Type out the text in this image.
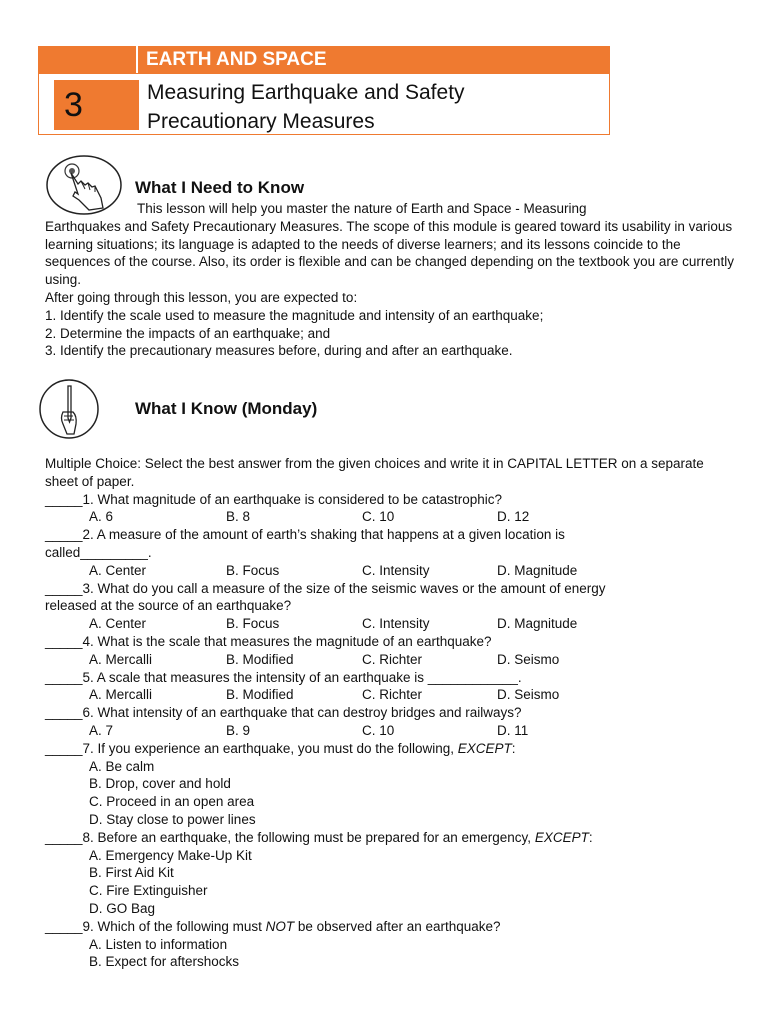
EARTH AND SPACE
3	Measuring Earthquake and Safety
Precautionary Measures
What I Need to Know

This lesson will help you master the nature of Earth and Space - Measuring

Earthquakes and Safety Precautionary Measures. The scope of this module is geared toward its usability in various learning situations; its language is adapted to the needs of diverse learners; and its lessons coincide to the sequences of the course. Also, its order is flexible and can be changed depending on the textbook you are currently using.

After going through this lesson, you are expected to:

1. Identify the scale used to measure the magnitude and intensity of an earthquake;

2. Determine the impacts of an earthquake; and

3. Identify the precautionary measures before, during and after an earthquake.

What I Know (Monday)
Multiple Choice: Select the best answer from the given choices and write it in CAPITAL LETTER on a separate sheet of paper.
_____1. What magnitude of an earthquake is considered to be catastrophic?
A. 6	B. 8	C. 10	D. 12
_____2. A measure of the amount of earth’s shaking that happens at a given location is
called_________.
A. Center	B. Focus	C. Intensity	D. Magnitude
_____3. What do you call a measure of the size of the seismic waves or the amount of energy
released at the source of an earthquake?
A. Center	B. Focus	C. Intensity	D. Magnitude
_____4. What is the scale that measures the magnitude of an earthquake?
A. Mercalli	B. Modified	C. Richter	D. Seismo
_____5. A scale that measures the intensity of an earthquake is ____________.
A. Mercalli	B. Modified	C. Richter	D. Seismo
_____6. What intensity of an earthquake that can destroy bridges and railways?
A. 7	B. 9	C. 10	D. 11
_____7. If you experience an earthquake, you must do the following, EXCEPT:
A. Be calm
B. Drop, cover and hold
C. Proceed in an open area
D. Stay close to power lines
_____8. Before an earthquake, the following must be prepared for an emergency, EXCEPT:
A. Emergency Make-Up Kit
B. First Aid Kit
C. Fire Extinguisher
D. GO Bag
_____9. Which of the following must NOT be observed after an earthquake?
A. Listen to information
B. Expect for aftershocks
